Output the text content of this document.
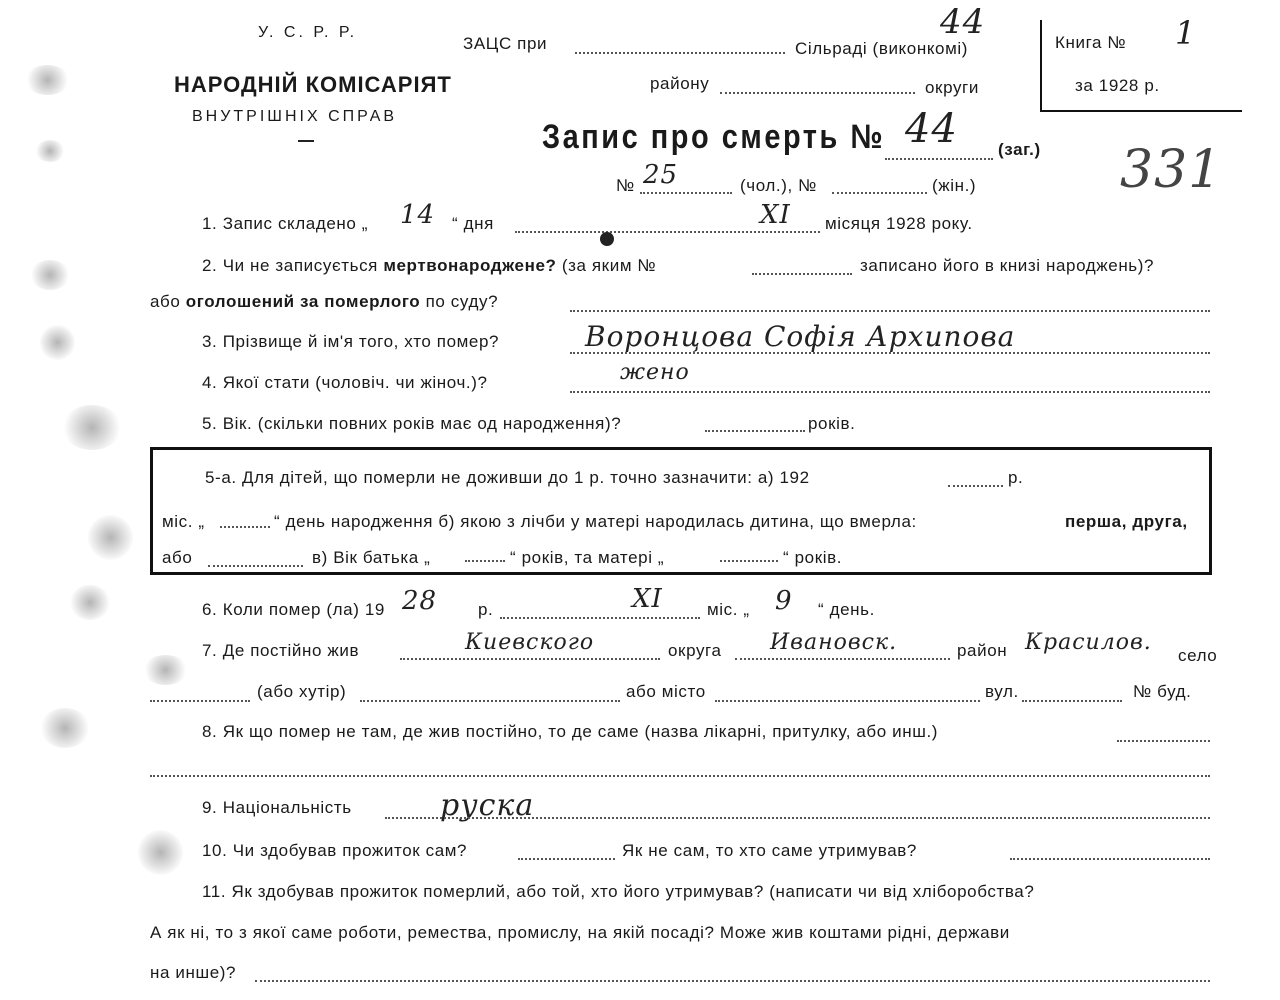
У. С. Р. Р.
НАРОДНІЙ КОМІСАРІЯТ
ВНУТРІШНІХ СПРАВ
ЗАЦС при	Сільраді (виконкомі)
44
району	округи
Книга № 1
за 1928 р.
Запис про смерть № 44 (заг.) 331
№ 25	(чол.), №	(жін.)
1. Запис складено „ 14 “ дня	XI місяця 1928 року.
2. Чи не записується мертвонароджене? (за яким №	записано його в книзі народжень)?
або оголошений за померлого по суду?
3. Прізвище й ім'я того, хто помер?	Воронцова Софія Архипова
4. Якої стати (чоловіч. чи жіноч.)?	жено
5. Вік. (скільки повних років має од народження)?	років.
5-а. Для дітей, що померли не доживши до 1 р. точно зазначити: а) 192	р.
міс. „	“ день народження б) якою з лічби у матері народилась дитина, що вмерла:	перша, друга,
або	в) Вік батька „	“ років, та матері „	“ років.
6. Коли помер (ла) 19 28 р.	XI	міс. „ 9 “ день.
7. Де постійно жив	Киевского	округа Ивановск.	район Красилов.
село
(або хутір)	або місто	вул.	№ буд.
8. Як що помер не там, де жив постійно, то де саме (назва лікарні, притулку, або инш.)
9. Національність	руска
10. Чи здобував прожиток сам?	Як не сам, то хто саме утримував?
11. Як здобував прожиток померлий, або той, хто його утримував? (написати чи від хліборобства?
А як ні, то з якої саме роботи, ремества, промислу, на якій посаді? Може жив коштами рідні, держави
на инше)?
